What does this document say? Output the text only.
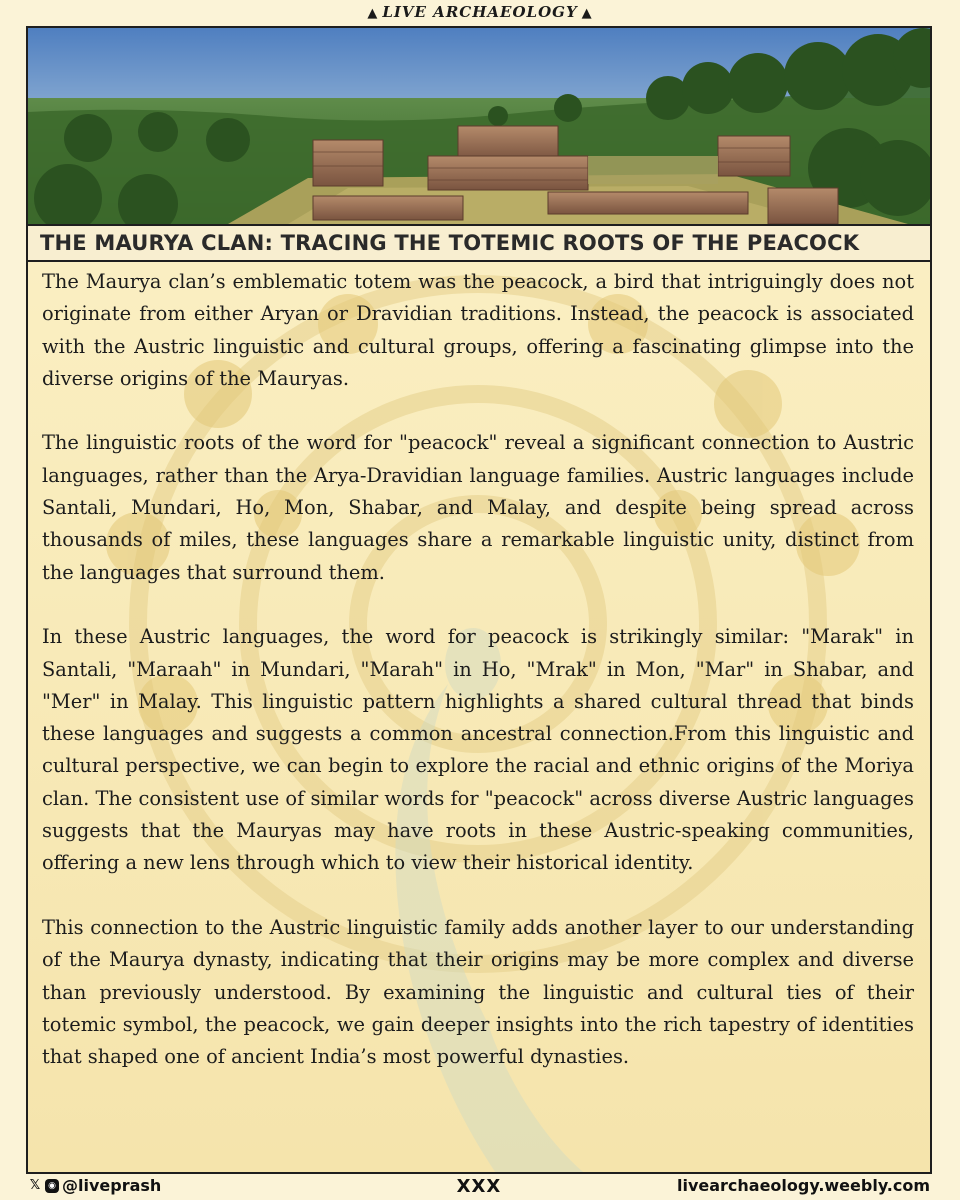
▲ LIVE ARCHAEOLOGY ▲
THE MAURYA CLAN: TRACING THE TOTEMIC ROOTS OF THE PEACOCK

The Maurya clan’s emblematic totem was the peacock, a bird that intriguingly does not originate from either Aryan or Dravidian traditions. Instead, the peacock is associated with the Austric linguistic and cultural groups, offering a fascinating glimpse into the diverse origins of the Mauryas.

The linguistic roots of the word for "peacock" reveal a significant connection to Austric languages, rather than the Arya-Dravidian language families. Austric languages include Santali, Mundari, Ho, Mon, Shabar, and Malay, and despite being spread across thousands of miles, these languages share a remarkable linguistic unity, distinct from the languages that surround them.

In these Austric languages, the word for peacock is strikingly similar: "Marak" in Santali, "Maraah" in Mundari, "Marah" in Ho, "Mrak" in Mon, "Mar" in Shabar, and "Mer" in Malay. This linguistic pattern highlights a shared cultural thread that binds these languages and suggests a common ancestral connection.From this linguistic and cultural perspective, we can begin to explore the racial and ethnic origins of the Moriya clan. The consistent use of similar words for "peacock" across diverse Austric languages suggests that the Mauryas may have roots in these Austric-speaking communities, offering a new lens through which to view their historical identity.

This connection to the Austric linguistic family adds another layer to our understanding of the Maurya dynasty, indicating that their origins may be more complex and diverse than previously understood. By examining the linguistic and cultural ties of their totemic symbol, the peacock, we gain deeper insights into the rich tapestry of identities that shaped one of ancient India’s most powerful dynasties.

𝕏 ◉ @liveprash	XXX	livearchaeology.weebly.com
